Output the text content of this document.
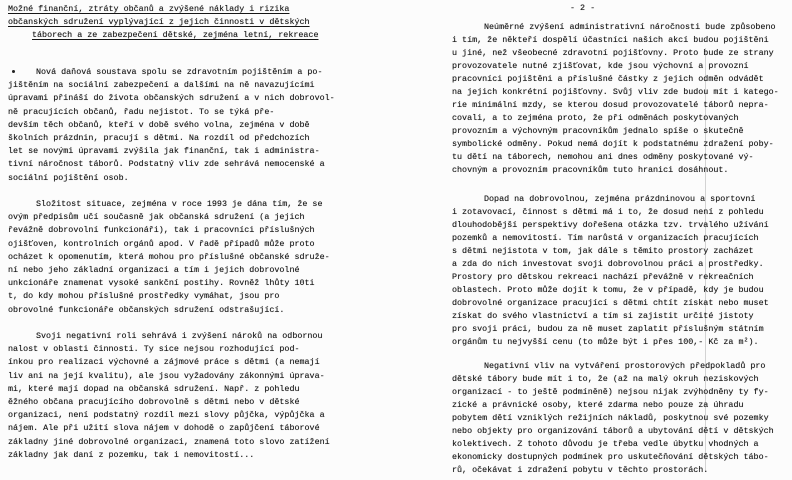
Možné finanční, ztráty občanů a zvýšené náklady i rizika
občanských sdružení vyplývající z jejich činnosti v dětských
táborech a ze zabezpečení dětské, zejména letní, rekreace
Nová daňová soustava spolu se zdravotním pojištěním a po-
jištěním na sociální zabezpečení a dalšími na ně navazujícími
úpravami přináší do života občanských sdružení a v nich dobrovol-
ně pracujících občanů, řadu nejistot. To se týká pře-
devším těch občanů, kteří v době svého volna, zejména v době
školních prázdnin, pracují s dětmi. Na rozdíl od předchozích
let se novými úpravami zvýšila jak finanční, tak i administra-
tivní náročnost táborů. Podstatný vliv zde sehrává nemocenské a
sociální pojištění osob.
Složitost situace, zejména v roce 1993 je dána tím, že se
ovým předpisům učí současně jak občanská sdružení (a jejich
řevážně dobrovolní funkcionáři), tak i pracovníci příslušných
ojišťoven, kontrolních orgánů apod. V řadě případů může proto
ocházet k opomenutím, která mohou pro příslušné občanské sdruže-
ní nebo jeho základní organizaci a tím i jejich dobrovolné
unkcionáře znamenat vysoké sankční postihy. Rovněž lhůty 10ti
t, do kdy mohou příslušné prostředky vymáhat, jsou pro
obrovolné funkcionáře občanských sdružení odstrašující.
Svoji negativní roli sehrává i zvýšení nároků na odbornou
nalost v oblasti činnosti. Ty sice nejsou rozhodující pod-
ínkou pro realizaci výchovné a zájmové práce s dětmi (a nemají
liv ani na její kvalitu), ale jsou vyžadovány zákonnými úprava-
mi, které mají dopad na občanská sdružení. Např. z pohledu
ěžného občana pracujícího dobrovolně s dětmi nebo v dětské
organizaci, není podstatný rozdíl mezi slovy půjčka, výpůjčka a
nájem. Ale při užití slova nájem v dohodě o zapůjčení táborové
základny jiné dobrovolné organizaci, znamená toto slovo zatížení
základny jak daní z pozemku, tak i nemovitostí...
- 2 -
Neúměrné zvýšení administrativní náročnosti bude způsobeno
i tím, že někteří dospělí účastníci našich akcí budou pojištěni
u jiné, než všeobecné zdravotní pojišťovny. Proto bude ze strany
provozovatele nutné zjišťovat, kde jsou výchovní a provozní
pracovníci pojištěni a příslušné částky z jejich odměn odvádět
na jejich konkrétní pojišťovny. Svůj vliv zde budou mít i katego-
rie minimální mzdy, se kterou dosud provozovatelé táborů nepra-
covali, a to zejména proto, že při odměnách poskytovaných
provozním a výchovným pracovníkům jednalo spíše o skutečně
symbolické odměny. Pokud nemá dojít k podstatnému zdražení poby-
tu dětí na táborech, nemohou ani dnes odměny poskytované vý-
chovným a provozním pracovníkům tuto hranici dosáhnout.
Dopad na dobrovolnou, zejména prázdninovou a sportovní
i zotavovací, činnost s dětmi má i to, že dosud není z pohledu
dlouhodobější perspektivy dořešena otázka tzv. trvalého užívání
pozemků a nemovitostí. Tím narůstá v organizacích pracujících
s dětmi nejistota v tom, jak dále s těmito prostory zacházet
a zda do nich investovat svoji dobrovolnou práci a prostředky.
Prostory pro dětskou rekreaci nachází převážně v rekreačních
oblastech. Proto může dojít k tomu, že v případě, kdy je budou
dobrovolné organizace pracující s dětmi chtít získat nebo muset
získat do svého vlastnictví a tím si zajistit určité jistoty
pro svoji práci, budou za ně muset zaplatit příslušným státním
orgánům tu nejvyšší cenu (to může být i přes 100,- Kč za m²).
Negativní vliv na vytváření prostorových předpokladů pro
dětské tábory bude mít i to, že (až na malý okruh neziskových
organizací - to ještě podmíněně) nejsou nijak zvýhodněny ty fy-
zické a právnické osoby, které zdarma nebo pouze za úhradu
pobytem dětí vzniklých režijních nákladů, poskytnou své pozemky
nebo objekty pro organizování táborů a ubytování dětí v dětských
kolektivech. Z tohoto důvodu je třeba vedle úbytku vhodných a
ekonomicky dostupných podmínek pro uskutečňování dětských tábo-
rů, očekávat i zdražení pobytu v těchto prostorách.
